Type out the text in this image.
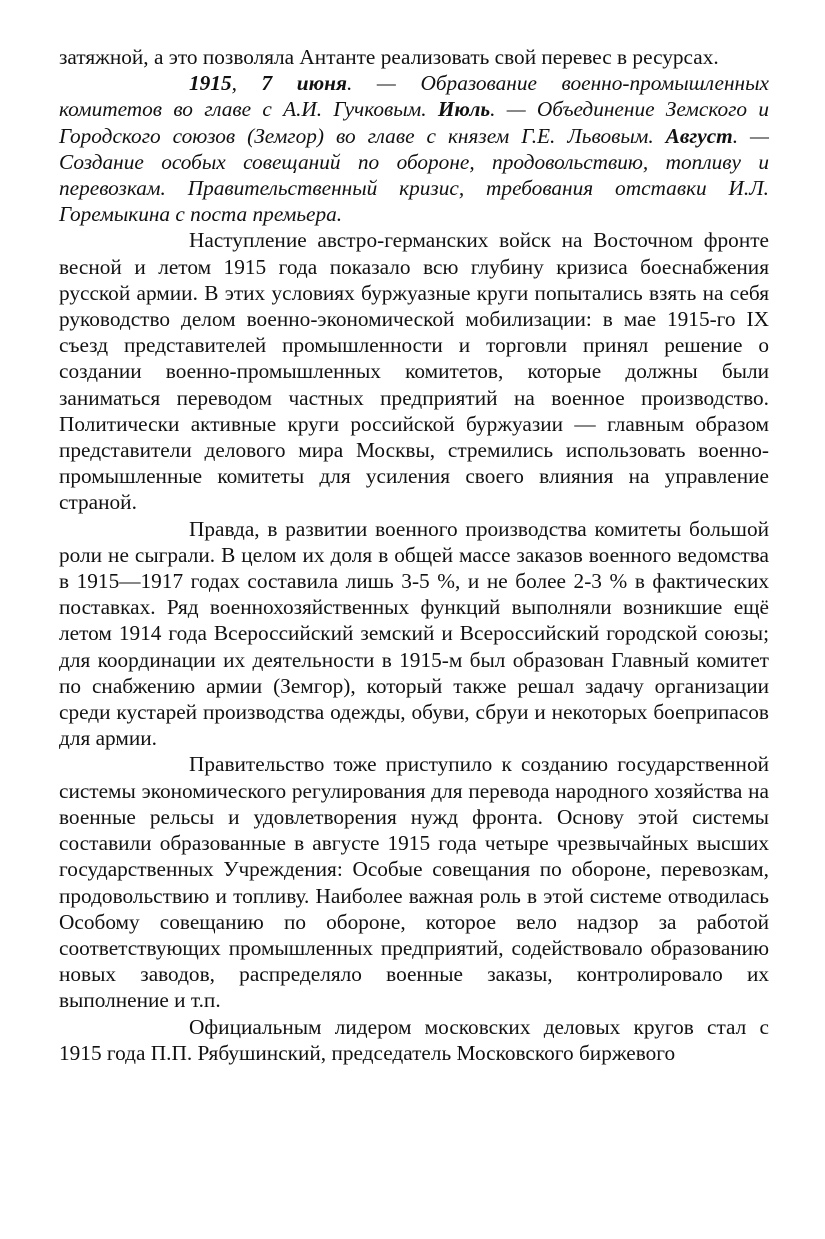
затяжной, а это позволяла Антанте реализовать свой перевес в ресурсах.

1915, 7 июня. — Образование военно-промышленных комитетов во главе с А.И. Гучковым. Июль. — Объединение Земского и Городского союзов (Земгор) во главе с князем Г.Е. Львовым. Август. — Создание особых совещаний по обороне, продовольствию, топливу и перевозкам. Правительственный кризис, требования отставки И.Л. Горемыкина с поста премьера.

Наступление австро-германских войск на Восточном фронте весной и летом 1915 года показало всю глубину кризиса боеснабжения русской армии. В этих условиях буржуазные круги попытались взять на себя руководство делом военно-экономической мобилизации: в мае 1915-го IX съезд представителей промышленности и торговли принял решение о создании военно-промышленных комитетов, которые должны были заниматься переводом частных предприятий на военное производство. Политически активные круги российской буржуазии — главным образом представители делового мира Москвы, стремились использовать военно-промышленные комитеты для усиления своего влияния на управление страной.

Правда, в развитии военного производства комитеты большой роли не сыграли. В целом их доля в общей массе заказов военного ведомства в 1915—1917 годах составила лишь 3-5 %, и не более 2-3 % в фактических поставках. Ряд военнохозяйственных функций выполняли возникшие ещё летом 1914 года Всероссийский земский и Всероссийский городской союзы; для координации их деятельности в 1915-м был образован Главный комитет по снабжению армии (Земгор), который также решал задачу организации среди кустарей производства одежды, обуви, сбруи и некоторых боеприпасов для армии.

Правительство тоже приступило к созданию государственной системы экономического регулирования для перевода народного хозяйства на военные рельсы и удовлетворения нужд фронта. Основу этой системы составили образованные в августе 1915 года четыре чрезвычайных высших государственных Учреждения: Особые совещания по обороне, перевозкам, продовольствию и топливу. Наиболее важная роль в этой системе отводилась Особому совещанию по обороне, которое вело надзор за работой соответствующих промышленных предприятий, содействовало образованию новых заводов, распределяло военные заказы, контролировало их выполнение и т.п.

Официальным лидером московских деловых кругов стал с 1915 года П.П. Рябушинский, председатель Московского биржевого
